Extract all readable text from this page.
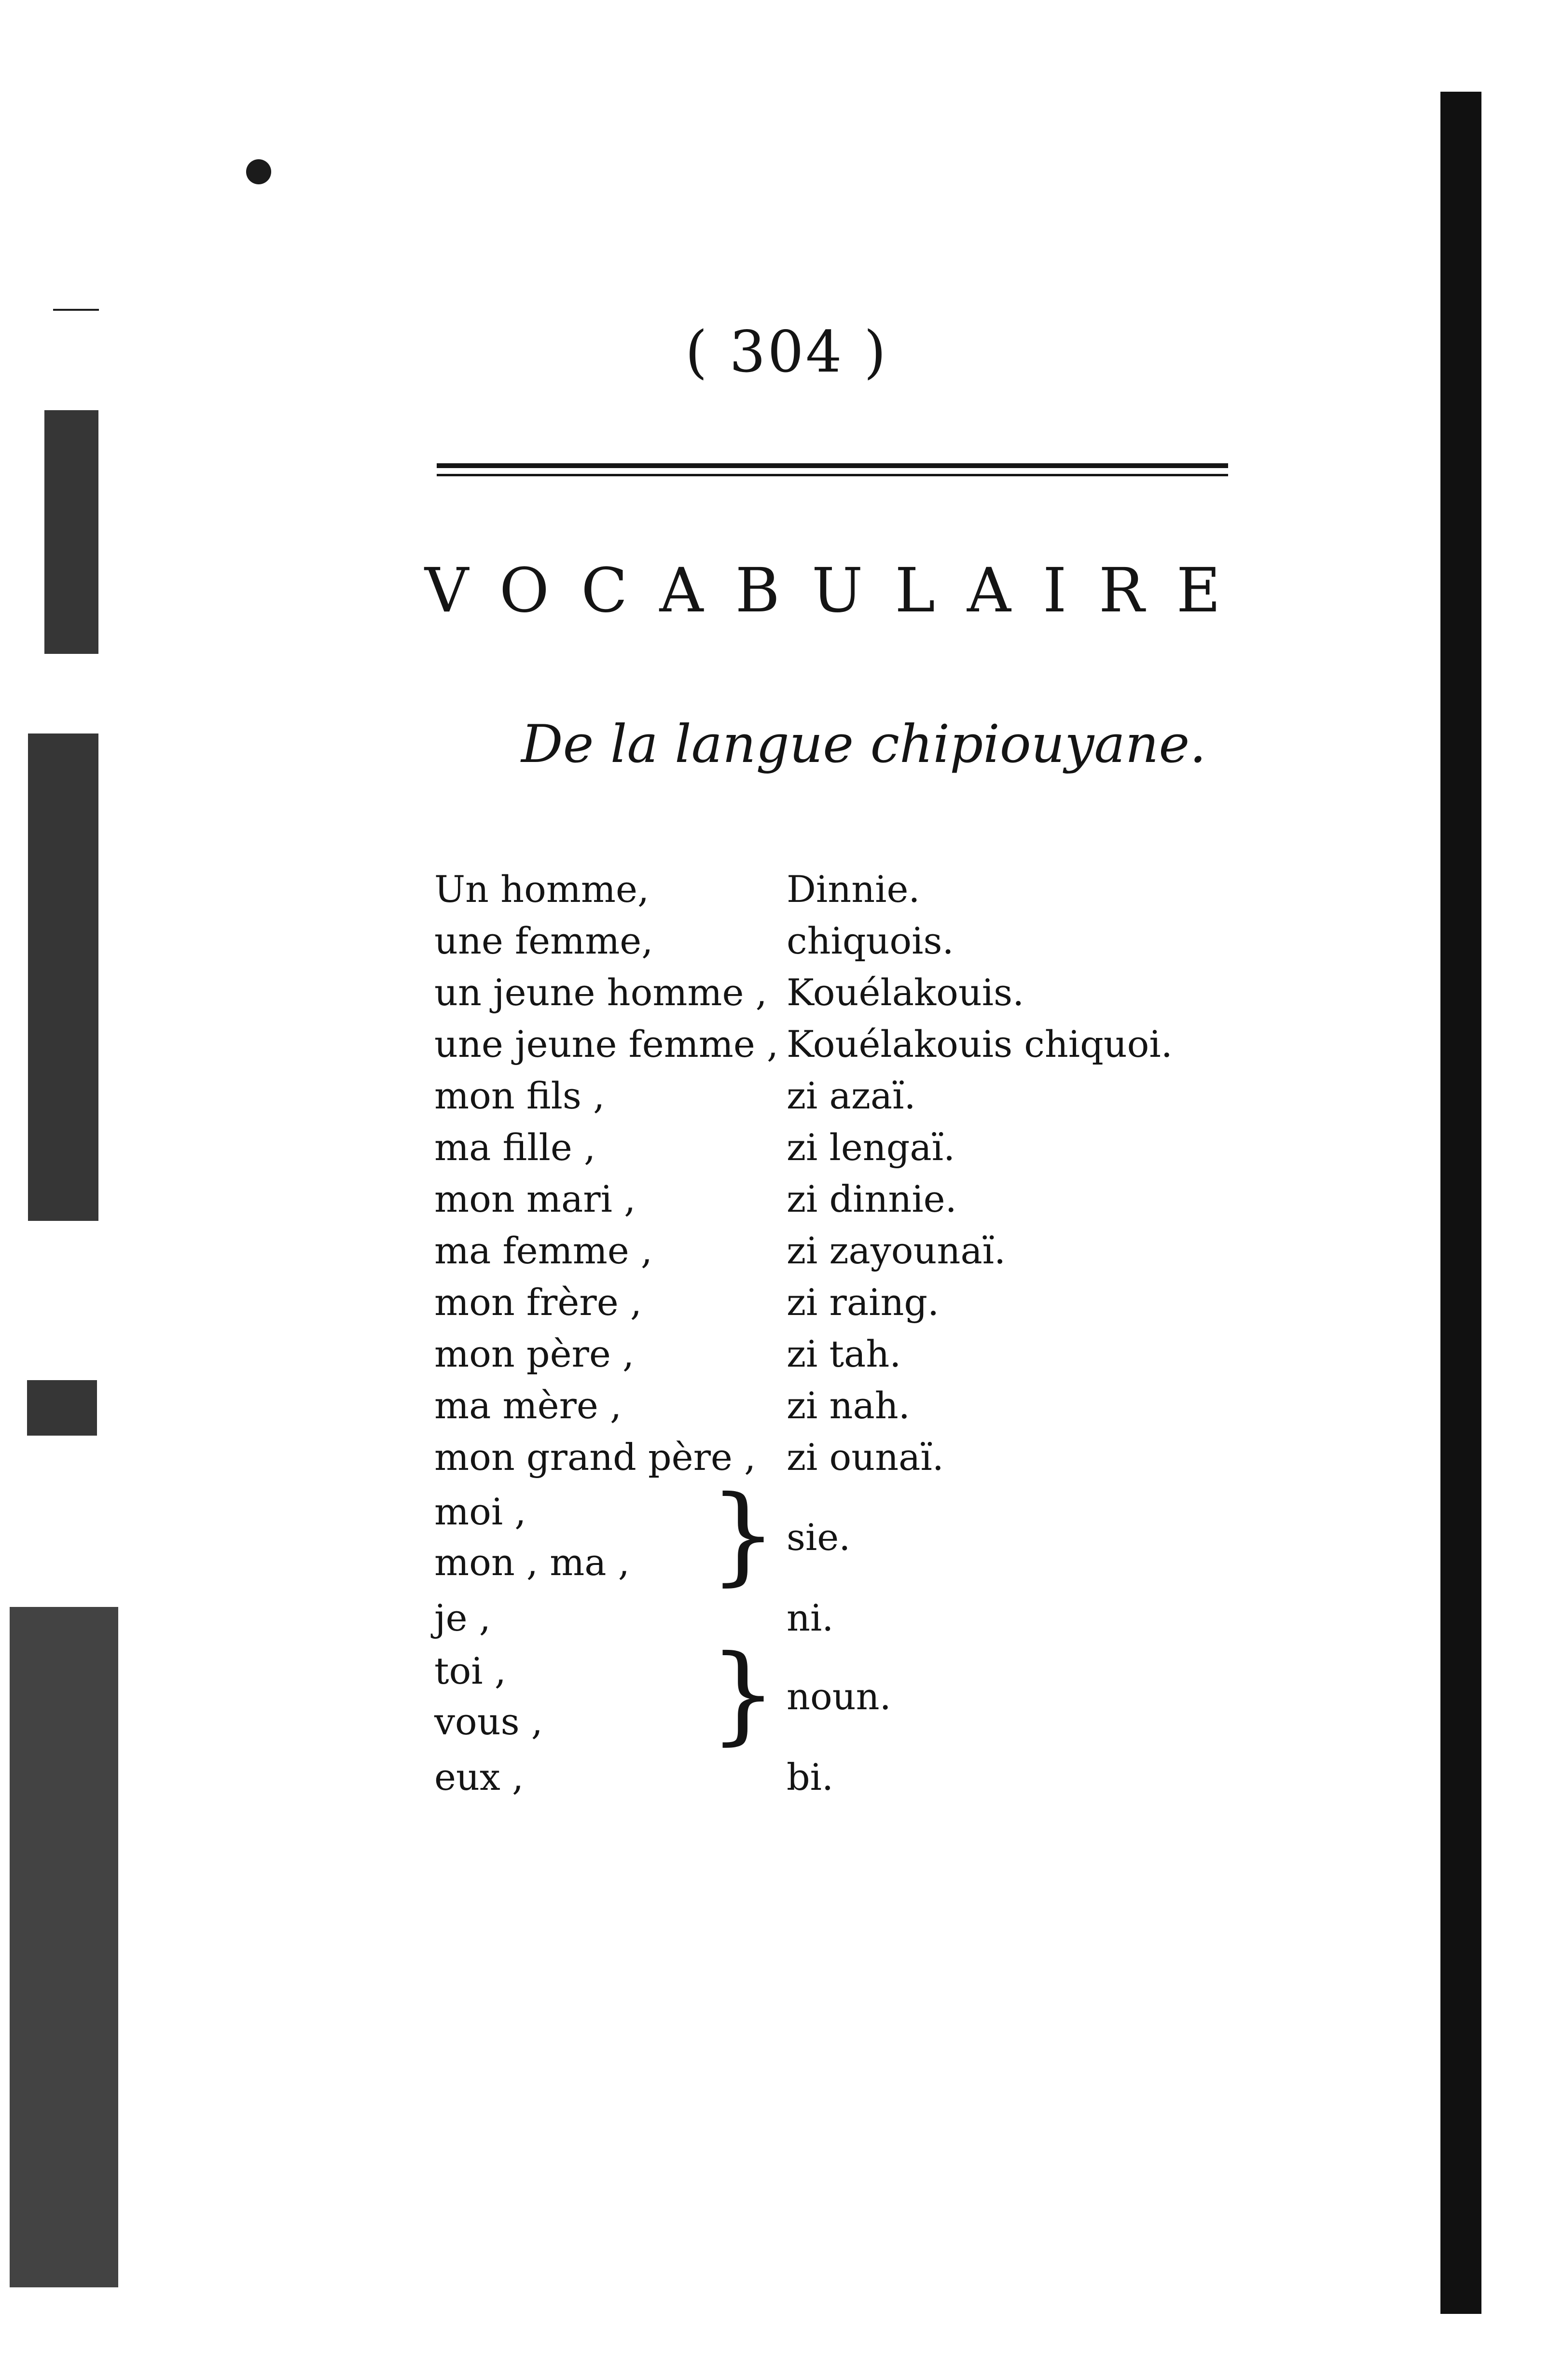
( 304 )
VOCABULAIRE
De la langue chipiouyane.
Un homme,	Dinnie.
une femme,	chiquois.
un jeune homme , Kouélakouis.
une jeune femme , Kouélakouis chiquoi.
mon fils ,	zi azaï.
ma fille ,	zi lengaï.
mon mari ,	zi dinnie.
ma femme ,	zi zayounaï.
mon frère ,	zi raing.
mon père ,	zi tah.
ma mère ,	zi nah.
mon grand père , zi ounaï.
moi ,
mon , ma , } sie.
je ,	ni.
toi ,
vous , } noun.
eux ,	bi.
